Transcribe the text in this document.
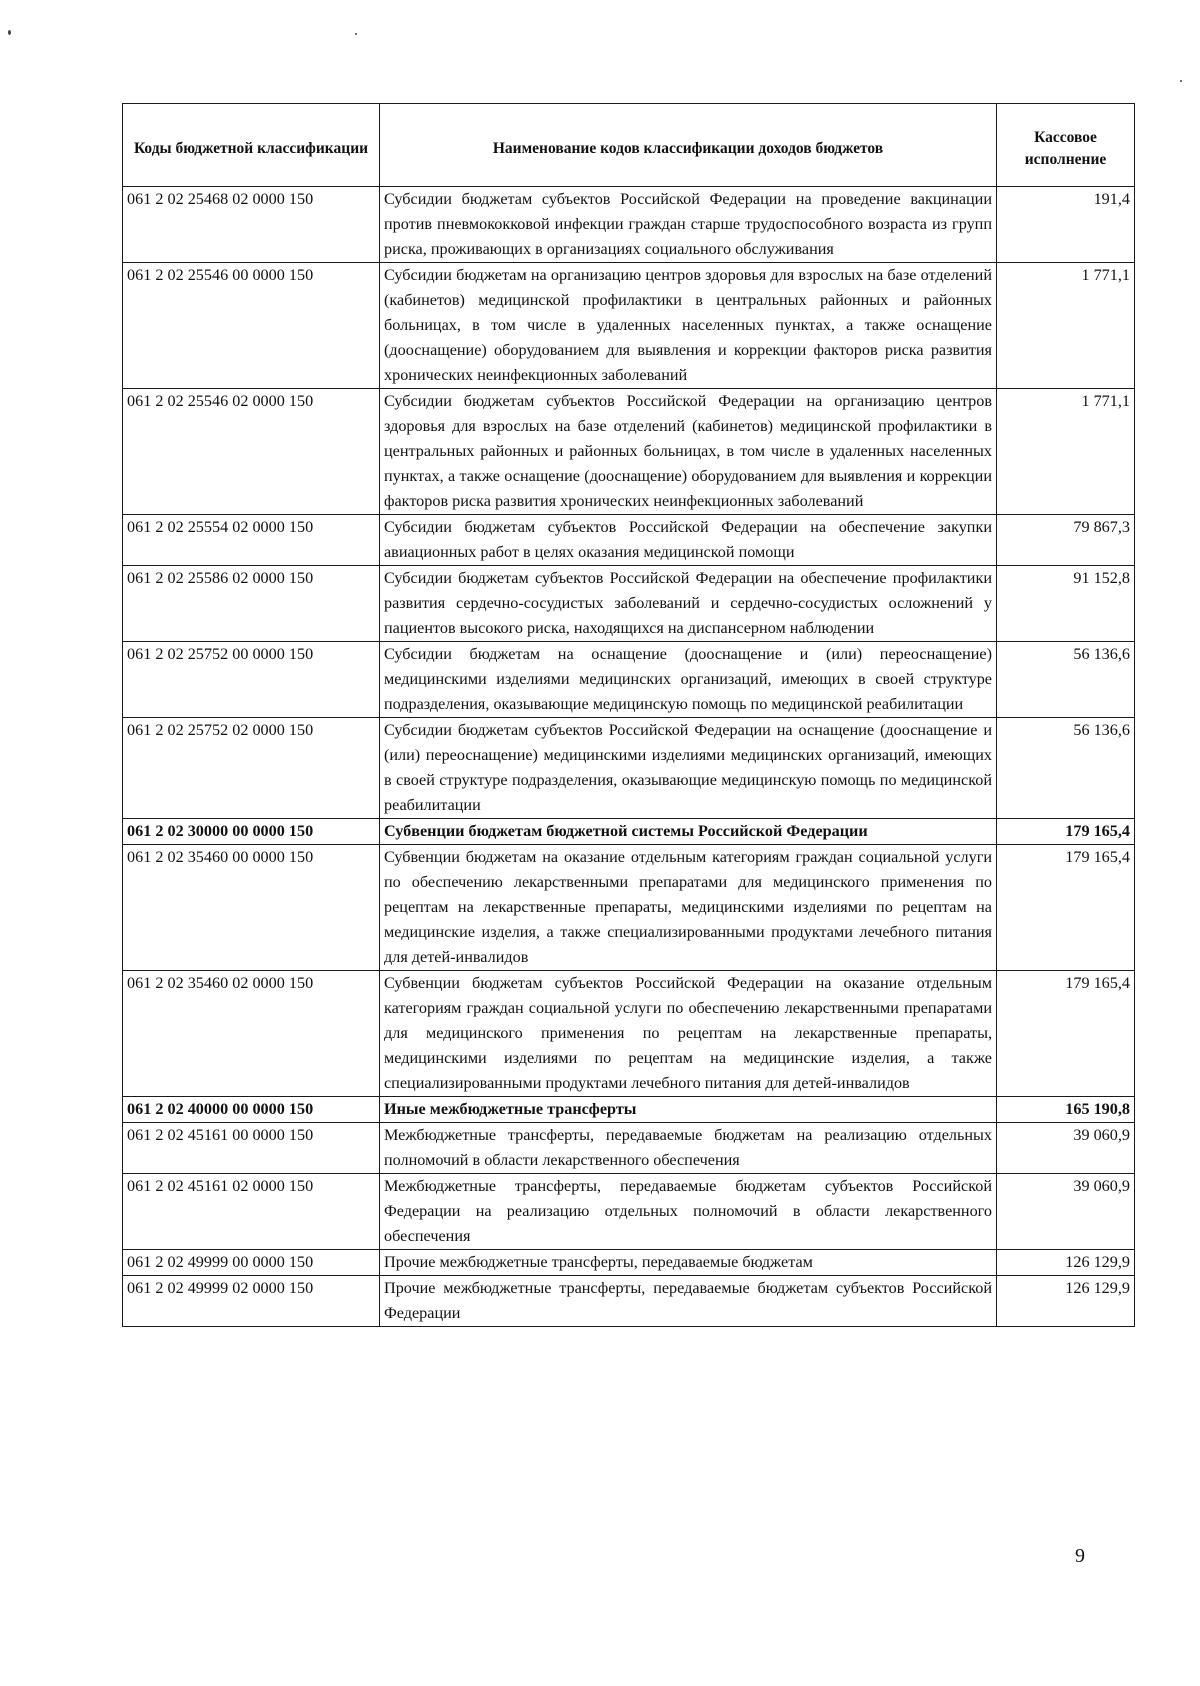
Коды бюджетной классификации	Наименование кодов классификации доходов бюджетов	Кассовое исполнение
061 2 02 25468 02 0000 150	Субсидии бюджетам субъектов Российской Федерации на проведение вакцинации против пневмококковой инфекции граждан старше трудоспособного возраста из групп риска, проживающих в организациях социального обслуживания	191,4
061 2 02 25546 00 0000 150	Субсидии бюджетам на организацию центров здоровья для взрослых на базе отделений (кабинетов) медицинской профилактики в центральных районных и районных больницах, в том числе в удаленных населенных пунктах, а также оснащение (дооснащение) оборудованием для выявления и коррекции факторов риска развития хронических неинфекционных заболеваний	1 771,1
061 2 02 25546 02 0000 150	Субсидии бюджетам субъектов Российской Федерации на организацию центров здоровья для взрослых на базе отделений (кабинетов) медицинской профилактики в центральных районных и районных больницах, в том числе в удаленных населенных пунктах, а также оснащение (дооснащение) оборудованием для выявления и коррекции факторов риска развития хронических неинфекционных заболеваний	1 771,1
061 2 02 25554 02 0000 150	Субсидии бюджетам субъектов Российской Федерации на обеспечение закупки авиационных работ в целях оказания медицинской помощи	79 867,3
061 2 02 25586 02 0000 150	Субсидии бюджетам субъектов Российской Федерации на обеспечение профилактики развития сердечно-сосудистых заболеваний и сердечно-сосудистых осложнений у пациентов высокого риска, находящихся на диспансерном наблюдении	91 152,8
061 2 02 25752 00 0000 150	Субсидии бюджетам на оснащение (дооснащение и (или) переоснащение) медицинскими изделиями медицинских организаций, имеющих в своей структуре подразделения, оказывающие медицинскую помощь по медицинской реабилитации	56 136,6
061 2 02 25752 02 0000 150	Субсидии бюджетам субъектов Российской Федерации на оснащение (дооснащение и (или) переоснащение) медицинскими изделиями медицинских организаций, имеющих в своей структуре подразделения, оказывающие медицинскую помощь по медицинской реабилитации	56 136,6
061 2 02 30000 00 0000 150	Субвенции бюджетам бюджетной системы Российской Федерации	179 165,4
061 2 02 35460 00 0000 150	Субвенции бюджетам на оказание отдельным категориям граждан социальной услуги по обеспечению лекарственными препаратами для медицинского применения по рецептам на лекарственные препараты, медицинскими изделиями по рецептам на медицинские изделия, а также специализированными продуктами лечебного питания для детей-инвалидов	179 165,4
061 2 02 35460 02 0000 150	Субвенции бюджетам субъектов Российской Федерации на оказание отдельным категориям граждан социальной услуги по обеспечению лекарственными препаратами для медицинского применения по рецептам на лекарственные препараты, медицинскими изделиями по рецептам на медицинские изделия, а также специализированными продуктами лечебного питания для детей-инвалидов	179 165,4
061 2 02 40000 00 0000 150	Иные межбюджетные трансферты	165 190,8
061 2 02 45161 00 0000 150	Межбюджетные трансферты, передаваемые бюджетам на реализацию отдельных полномочий в области лекарственного обеспечения	39 060,9
061 2 02 45161 02 0000 150	Межбюджетные трансферты, передаваемые бюджетам субъектов Российской Федерации на реализацию отдельных полномочий в области лекарственного обеспечения	39 060,9
061 2 02 49999 00 0000 150	Прочие межбюджетные трансферты, передаваемые бюджетам	126 129,9
061 2 02 49999 02 0000 150	Прочие межбюджетные трансферты, передаваемые бюджетам субъектов Российской Федерации	126 129,9
9
